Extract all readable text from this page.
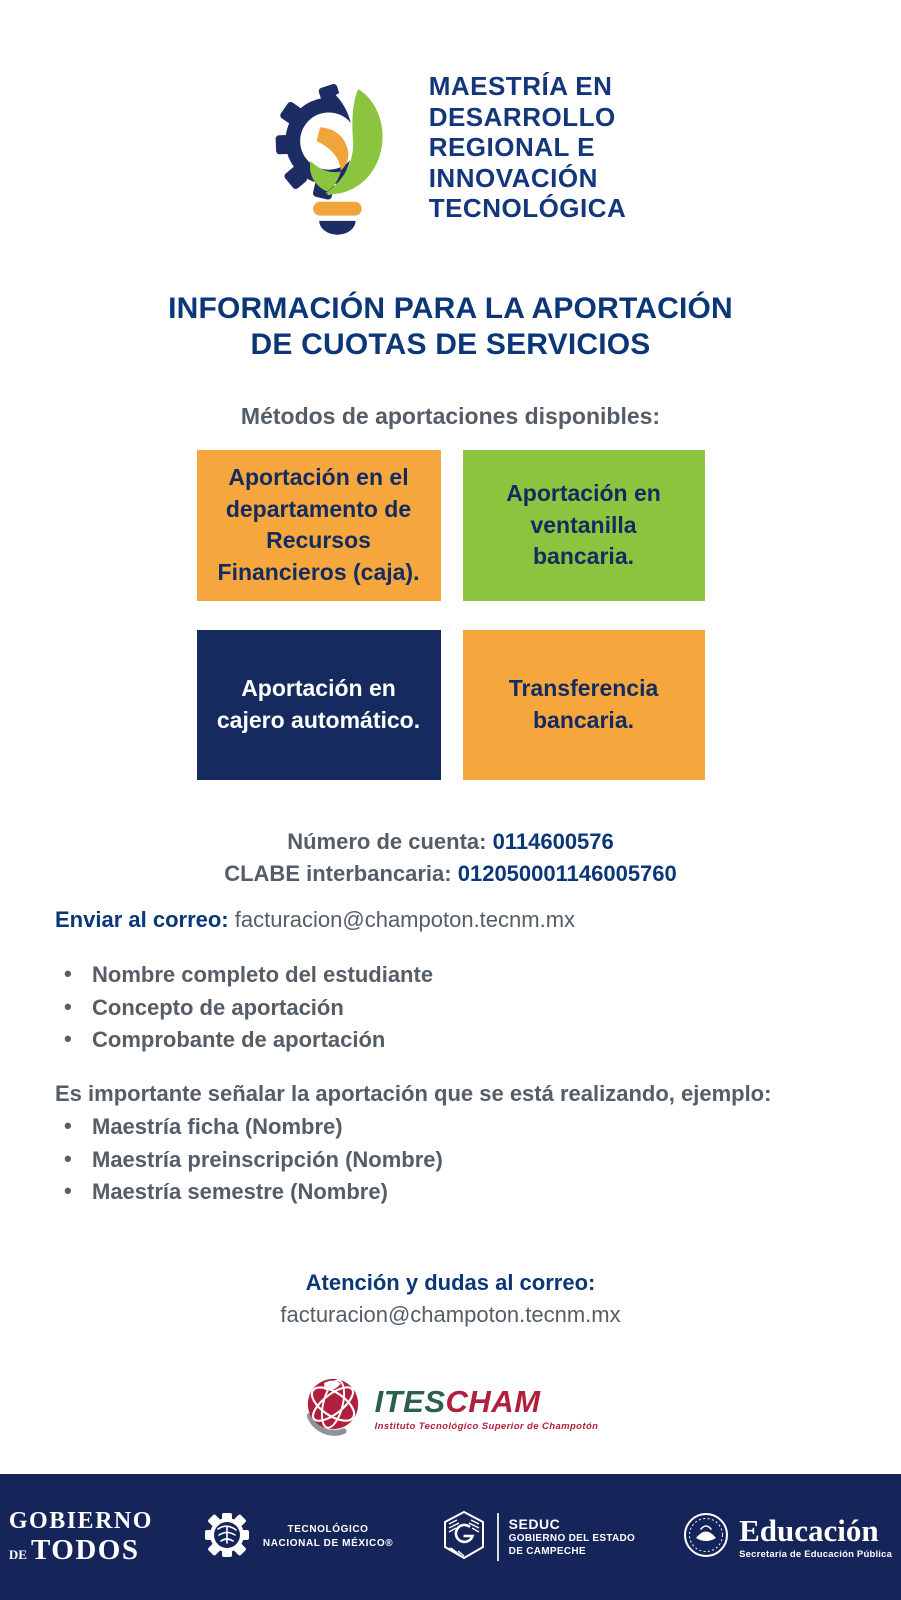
MAESTRÍA EN
DESARROLLO
REGIONAL E
INNOVACIÓN
TECNOLÓGICA
INFORMACIÓN PARA LA APORTACIÓN
DE CUOTAS DE SERVICIOS
Métodos de aportaciones disponibles:
Aportación en el departamento de Recursos Financieros (caja).
Aportación en ventanilla bancaria.
Aportación en cajero automático.
Transferencia bancaria.
Número de cuenta: 0114600576
CLABE interbancaria: 012050001146005760
Enviar al correo: facturacion@champoton.tecnm.mx
• Nombre completo del estudiante
• Concepto de aportación
• Comprobante de aportación
Es importante señalar la aportación que se está realizando, ejemplo:
• Maestría ficha (Nombre)
• Maestría preinscripción (Nombre)
• Maestría semestre (Nombre)
Atención y dudas al correo:
facturacion@champoton.tecnm.mx
ITESCHAM
Instituto Tecnológico Superior de Champotón
GOBIERNO
DE TODOS
TECNOLÓGICO
NACIONAL DE MÉXICO®
SEDUC
GOBIERNO DEL ESTADO
DE CAMPECHE
Educación
Secretaría de Educación Pública
